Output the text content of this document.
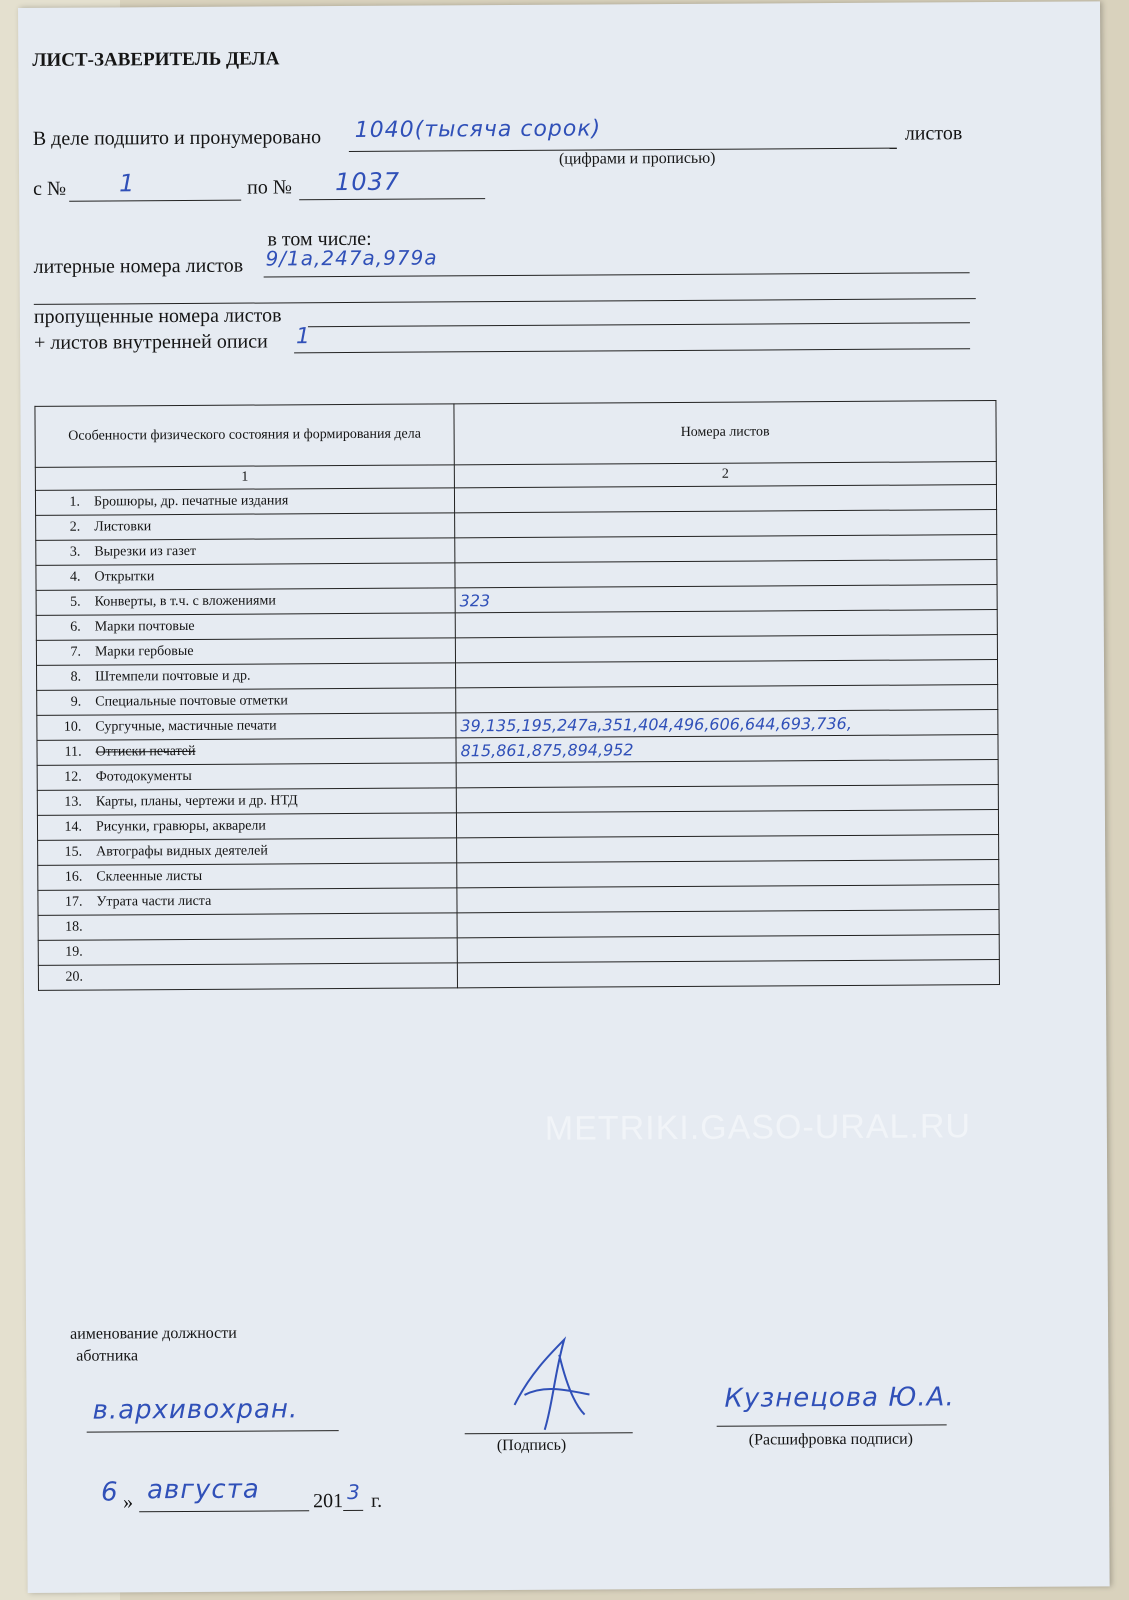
METRIKI.GASO-URAL.RU
ЛИСТ-ЗАВЕРИТЕЛЬ ДЕЛА
В деле подшито и пронумеровано 1040(тысяча сорок)	листов
(цифрами и прописью)
с № 1	по № 1037
в том числе:
литерные номера листов 9/1а,247а,979а
пропущенные номера листов
+ листов внутренней описи 1
Особенности физического состояния и формирования дела	Номера листов
1	2
1. Брошюры, др. печатные издания	
2. Листовки	
3. Вырезки из газет	
4. Открытки	
5. Конверты, в т.ч. с вложениями	323
6. Марки почтовые	
7. Марки гербовые	
8. Штемпели почтовые и др.	
9. Специальные почтовые отметки	
10. Сургучные, мастичные печати	39,135,195,247а,351,404,496,606,644,693,736,
11. Оттиски печатей	815,861,875,894,952
12. Фотодокументы	
13. Карты, планы, чертежи и др. НТД	
14. Рисунки, гравюры, акварели	
15. Автографы видных деятелей	
16. Склеенные листы	
17. Утрата части листа	
18.	
19.	
20.	
аименование должности
аботника
в.архивохран.
(Подпись)
Кузнецова Ю.А.
(Расшифровка подписи)
6 » августа	201 3 г.
